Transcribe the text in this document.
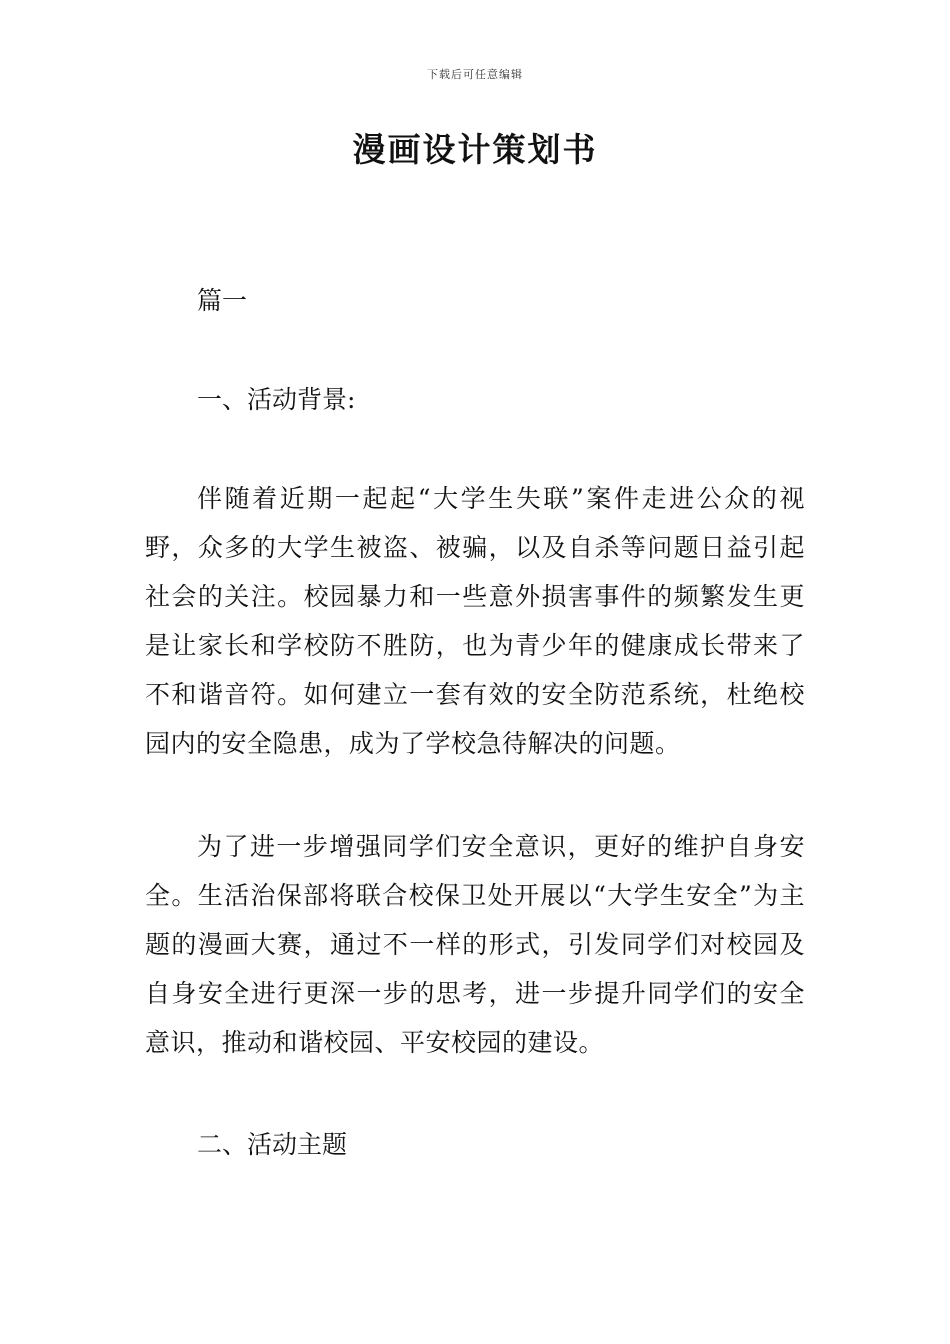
下载后可任意编辑
漫画设计策划书

篇一

一、活动背景:

伴随着近期一起起“大学生失联”案件走进公众的视野，众多的大学生被盗、被骗，以及自杀等问题日益引起社会的关注。校园暴力和一些意外损害事件的频繁发生更是让家长和学校防不胜防，也为青少年的健康成长带来了不和谐音符。如何建立一套有效的安全防范系统，杜绝校园内的安全隐患，成为了学校急待解决的问题。

为了进一步增强同学们安全意识，更好的维护自身安全。生活治保部将联合校保卫处开展以“大学生安全”为主题的漫画大赛，通过不一样的形式，引发同学们对校园及自身安全进行更深一步的思考，进一步提升同学们的安全意识，推动和谐校园、平安校园的建设。

二、活动主题
